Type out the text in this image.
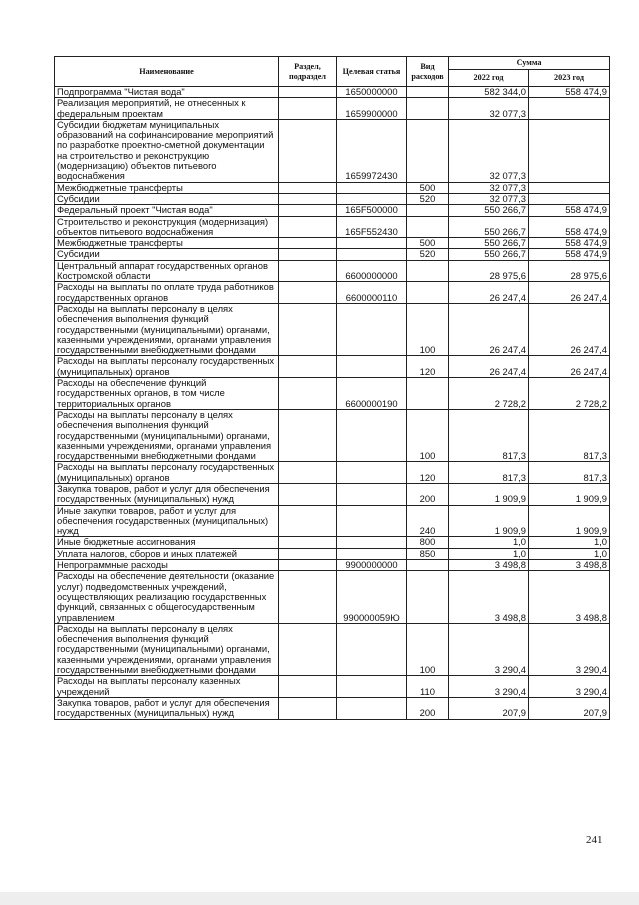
Наименование	Раздел, подраздел	Целевая статья	Вид расходов	Сумма	
				2022 год	2023 год
Подпрограмма "Чистая вода"		1650000000		582 344,0	558 474,9
Реализация мероприятий, не отнесенных к федеральным проектам		1659900000		32 077,3	
Субсидии бюджетам муниципальных образований на софинансирование мероприятий по разработке проектно-сметной документации на строительство и реконструкцию (модернизацию) объектов питьевого водоснабжения		1659972430		32 077,3	
Межбюджетные трансферты			500	32 077,3	
Субсидии			520	32 077,3	
Федеральный проект "Чистая вода"		165F500000		550 266,7	558 474,9
Строительство и реконструкция (модернизация) объектов питьевого водоснабжения		165F552430		550 266,7	558 474,9
Межбюджетные трансферты			500	550 266,7	558 474,9
Субсидии			520	550 266,7	558 474,9
Центральный аппарат государственных органов Костромской области		6600000000		28 975,6	28 975,6
Расходы на выплаты по оплате труда работников государственных органов		6600000110		26 247,4	26 247,4
Расходы на выплаты персоналу в целях обеспечения выполнения функций государственными (муниципальными) органами, казенными учреждениями, органами управления государственными внебюджетными фондами			100	26 247,4	26 247,4
Расходы на выплаты персоналу государственных (муниципальных) органов			120	26 247,4	26 247,4
Расходы на обеспечение функций государственных органов, в том числе территориальных органов		6600000190		2 728,2	2 728,2
Расходы на выплаты персоналу в целях обеспечения выполнения функций государственными (муниципальными) органами, казенными учреждениями, органами управления государственными внебюджетными фондами			100	817,3	817,3
Расходы на выплаты персоналу государственных (муниципальных) органов			120	817,3	817,3
Закупка товаров, работ и услуг для обеспечения государственных (муниципальных) нужд			200	1 909,9	1 909,9
Иные закупки товаров, работ и услуг для обеспечения государственных (муниципальных) нужд			240	1 909,9	1 909,9
Иные бюджетные ассигнования			800	1,0	1,0
Уплата налогов, сборов и иных платежей			850	1,0	1,0
Непрограммные расходы		9900000000		3 498,8	3 498,8
Расходы на обеспечение деятельности (оказание услуг) подведомственных учреждений, осуществляющих реализацию государственных функций, связанных с общегосударственным управлением		990000059Ю		3 498,8	3 498,8
Расходы на выплаты персоналу в целях обеспечения выполнения функций государственными (муниципальными) органами, казенными учреждениями, органами управления государственными внебюджетными фондами			100	3 290,4	3 290,4
Расходы на выплаты персоналу казенных учреждений			110	3 290,4	3 290,4
Закупка товаров, работ и услуг для обеспечения государственных (муниципальных) нужд			200	207,9	207,9
241
